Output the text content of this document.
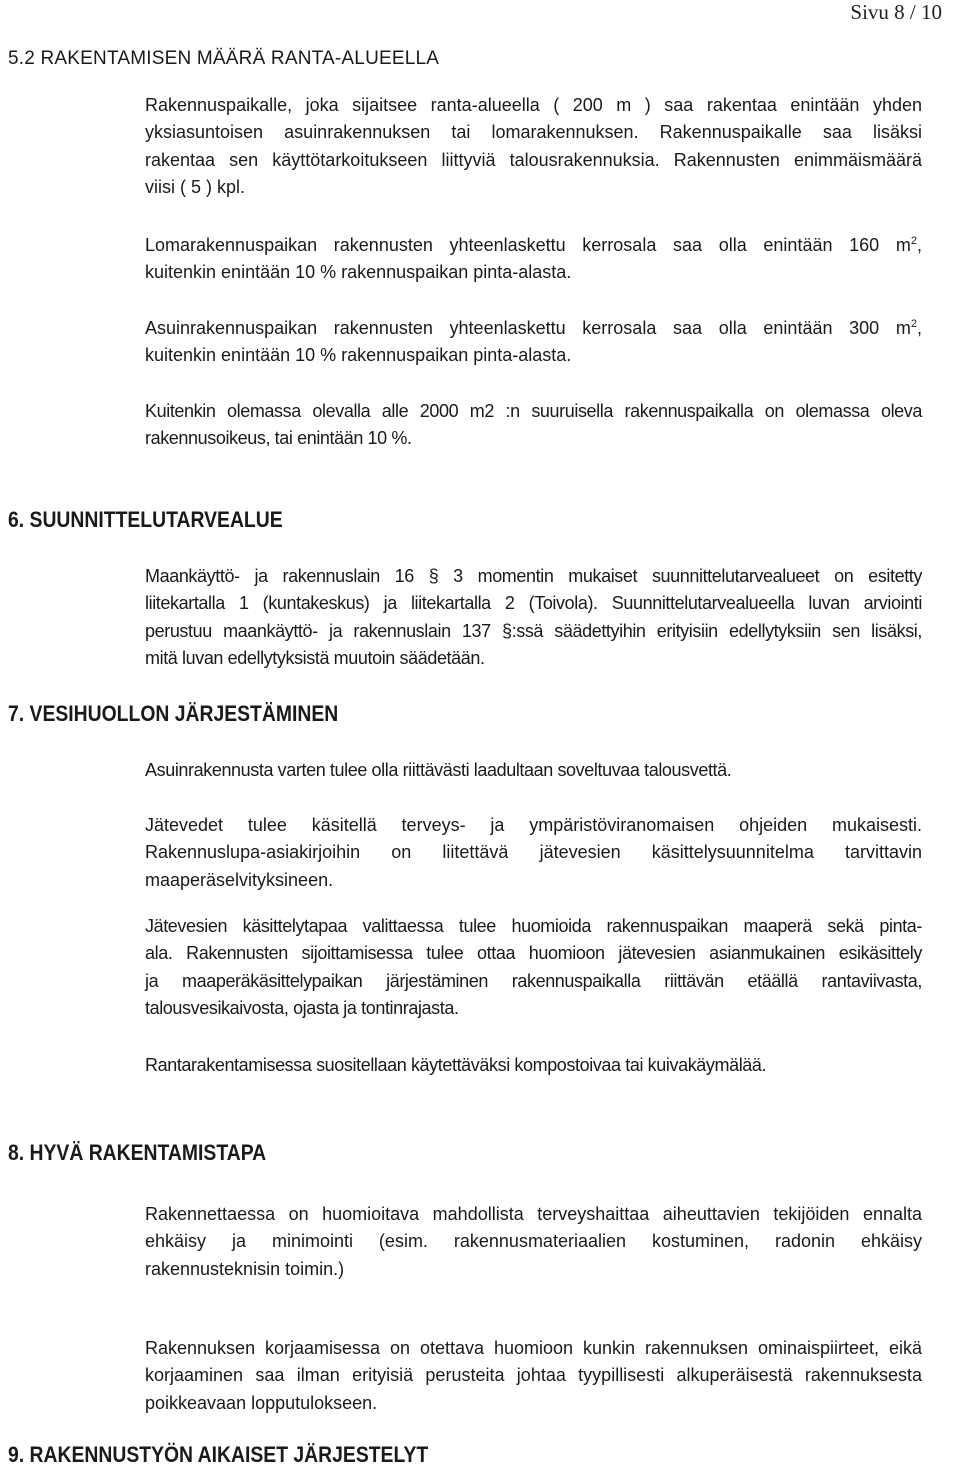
Sivu 8 / 10
5.2 RAKENTAMISEN MÄÄRÄ RANTA-ALUEELLA
Rakennuspaikalle, joka sijaitsee ranta-alueella ( 200 m ) saa rakentaa enintään yhden
yksiasuntoisen asuinrakennuksen tai lomarakennuksen. Rakennuspaikalle saa lisäksi
rakentaa sen käyttötarkoitukseen liittyviä talousrakennuksia. Rakennusten enimmäismäärä
viisi ( 5 ) kpl.
Lomarakennuspaikan rakennusten yhteenlaskettu kerrosala saa olla enintään 160 $m^2$,
kuitenkin enintään 10 % rakennuspaikan pinta-alasta.
Asuinrakennuspaikan rakennusten yhteenlaskettu kerrosala saa olla enintään 300 $m^2$,
kuitenkin enintään 10 % rakennuspaikan pinta-alasta.
Kuitenkin olemassa olevalla alle 2000 m2 :n suuruisella rakennuspaikalla on olemassa oleva
rakennusoikeus, tai enintään 10 %.
6. SUUNNITTELUTARVEALUE
Maankäyttö- ja rakennuslain 16 § 3 momentin mukaiset suunnittelutarvealueet on esitetty
liitekartalla 1 (kuntakeskus) ja liitekartalla 2 (Toivola). Suunnittelutarvealueella luvan arviointi
perustuu maankäyttö- ja rakennuslain 137 §:ssä säädettyihin erityisiin edellytyksiin sen lisäksi,
mitä luvan edellytyksistä muutoin säädetään.
7. VESIHUOLLON JÄRJESTÄMINEN
Asuinrakennusta varten tulee olla riittävästi laadultaan soveltuvaa talousvettä.
Jätevedet tulee käsitellä terveys- ja ympäristöviranomaisen ohjeiden mukaisesti.
Rakennuslupa-asiakirjoihin on liitettävä jätevesien käsittelysuunnitelma tarvittavin
maaperäselvityksineen.
Jätevesien käsittelytapaa valittaessa tulee huomioida rakennuspaikan maaperä sekä pinta-
ala. Rakennusten sijoittamisessa tulee ottaa huomioon jätevesien asianmukainen esikäsittely
ja maaperäkäsittelypaikan järjestäminen rakennuspaikalla riittävän etäällä rantaviivasta,
talousvesikaivosta, ojasta ja tontinrajasta.
Rantarakentamisessa suositellaan käytettäväksi kompostoivaa tai kuivakäymälää.
8. HYVÄ RAKENTAMISTAPA
Rakennettaessa on huomioitava mahdollista terveyshaittaa aiheuttavien tekijöiden ennalta
ehkäisy ja minimointi (esim. rakennusmateriaalien kostuminen, radonin ehkäisy
rakennusteknisin toimin.)
Rakennuksen korjaamisessa on otettava huomioon kunkin rakennuksen ominaispiirteet, eikä
korjaaminen saa ilman erityisiä perusteita johtaa tyypillisesti alkuperäisestä rakennuksesta
poikkeavaan lopputulokseen.
9. RAKENNUSTYÖN AIKAISET JÄRJESTELYT
